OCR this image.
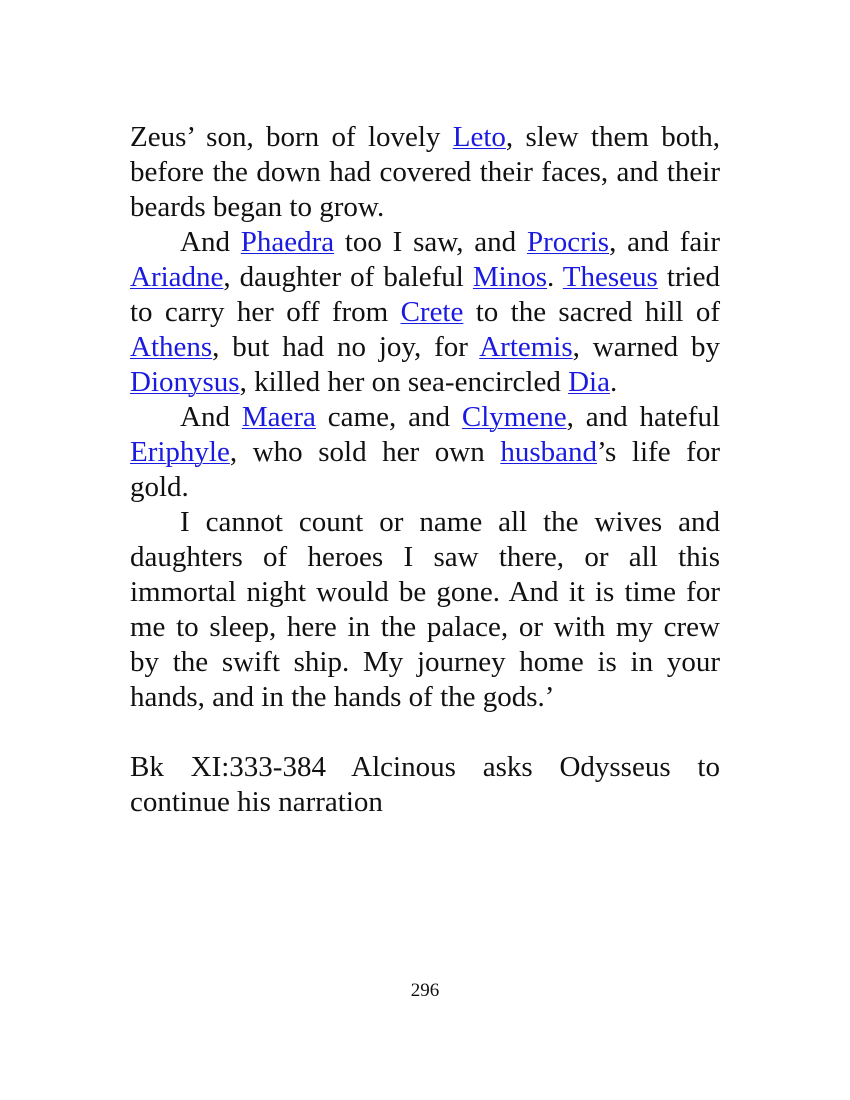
Zeus’ son, born of lovely Leto, slew them both, before the down had covered their faces, and their beards began to grow.

And Phaedra too I saw, and Procris, and fair Ariadne, daughter of baleful Minos. Theseus tried to carry her off from Crete to the sacred hill of Athens, but had no joy, for Artemis, warned by Dionysus, killed her on sea-encircled Dia.

And Maera came, and Clymene, and hateful Eriphyle, who sold her own husband’s life for gold.

I cannot count or name all the wives and daughters of heroes I saw there, or all this immortal night would be gone. And it is time for me to sleep, here in the palace, or with my crew by the swift ship. My journey home is in your hands, and in the hands of the gods.’

Bk XI:333-384 Alcinous asks Odysseus to continue his narration

296
